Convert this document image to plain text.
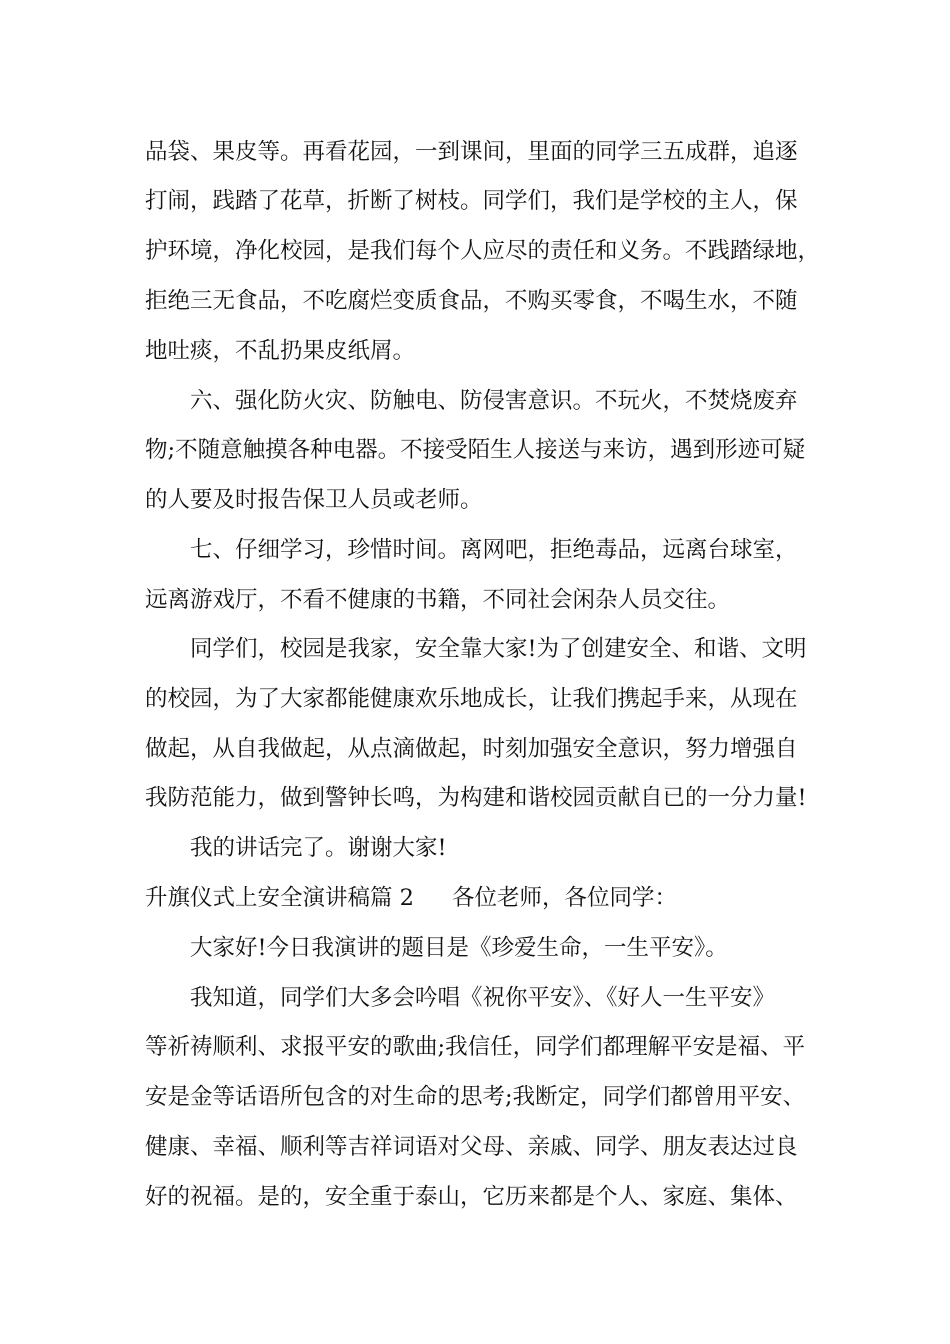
品袋、果皮等。再看花园，一到课间，里面的同学三五成群，追逐
打闹，践踏了花草，折断了树枝。同学们，我们是学校的主人，保
护环境，净化校园，是我们每个人应尽的责任和义务。不践踏绿地，
拒绝三无食品，不吃腐烂变质食品，不购买零食，不喝生水，不随
地吐痰，不乱扔果皮纸屑。
六、强化防火灾、防触电、防侵害意识。不玩火，不焚烧废弃
物;不随意触摸各种电器。不接受陌生人接送与来访，遇到形迹可疑
的人要及时报告保卫人员或老师。
七、仔细学习，珍惜时间。离网吧，拒绝毒品，远离台球室，
远离游戏厅，不看不健康的书籍，不同社会闲杂人员交往。
同学们，校园是我家，安全靠大家!为了创建安全、和谐、文明
的校园，为了大家都能健康欢乐地成长，让我们携起手来，从现在
做起，从自我做起，从点滴做起，时刻加强安全意识，努力增强自
我防范能力，做到警钟长鸣，为构建和谐校园贡献自已的一分力量!
我的讲话完了。谢谢大家!
升旗仪式上安全演讲稿篇 2	各位老师，各位同学：
大家好!今日我演讲的题目是《珍爱生命，一生平安》。
我知道，同学们大多会吟唱《祝你平安》、《好人一生平安》
等祈祷顺利、求报平安的歌曲;我信任，同学们都理解平安是福、平
安是金等话语所包含的对生命的思考;我断定，同学们都曾用平安、
健康、幸福、顺利等吉祥词语对父母、亲戚、同学、朋友表达过良
好的祝福。是的，安全重于泰山，它历来都是个人、家庭、集体、
